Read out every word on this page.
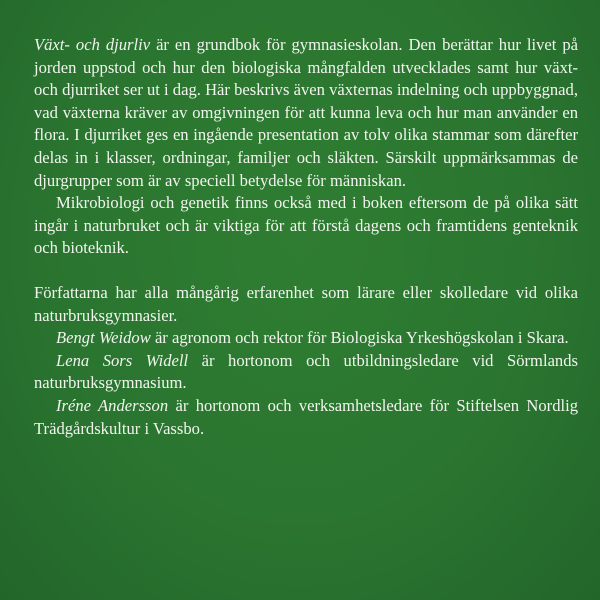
Växt- och djurliv är en grundbok för gymnasieskolan. Den berättar hur livet på jorden uppstod och hur den biologiska mångfalden utvecklades samt hur växt- och djurriket ser ut i dag. Här beskrivs även växternas indelning och uppbyggnad, vad växterna kräver av omgivningen för att kunna leva och hur man använder en flora. I djurriket ges en ingående presentation av tolv olika stammar som därefter delas in i klasser, ordningar, familjer och släkten. Särskilt uppmärksammas de djurgrupper som är av speciell betydelse för människan.

Mikrobiologi och genetik finns också med i boken eftersom de på olika sätt ingår i naturbruket och är viktiga för att förstå dagens och framtidens genteknik och bioteknik.

Författarna har alla mångårig erfarenhet som lärare eller skolledare vid olika naturbruksgymnasier.

Bengt Weidow är agronom och rektor för Biologiska Yrkeshögskolan i Skara.

Lena Sors Widell är hortonom och utbildningsledare vid Sörmlands naturbruksgymnasium.

Iréne Andersson är hortonom och verksamhetsledare för Stiftelsen Nordlig Trädgårdskultur i Vassbo.
